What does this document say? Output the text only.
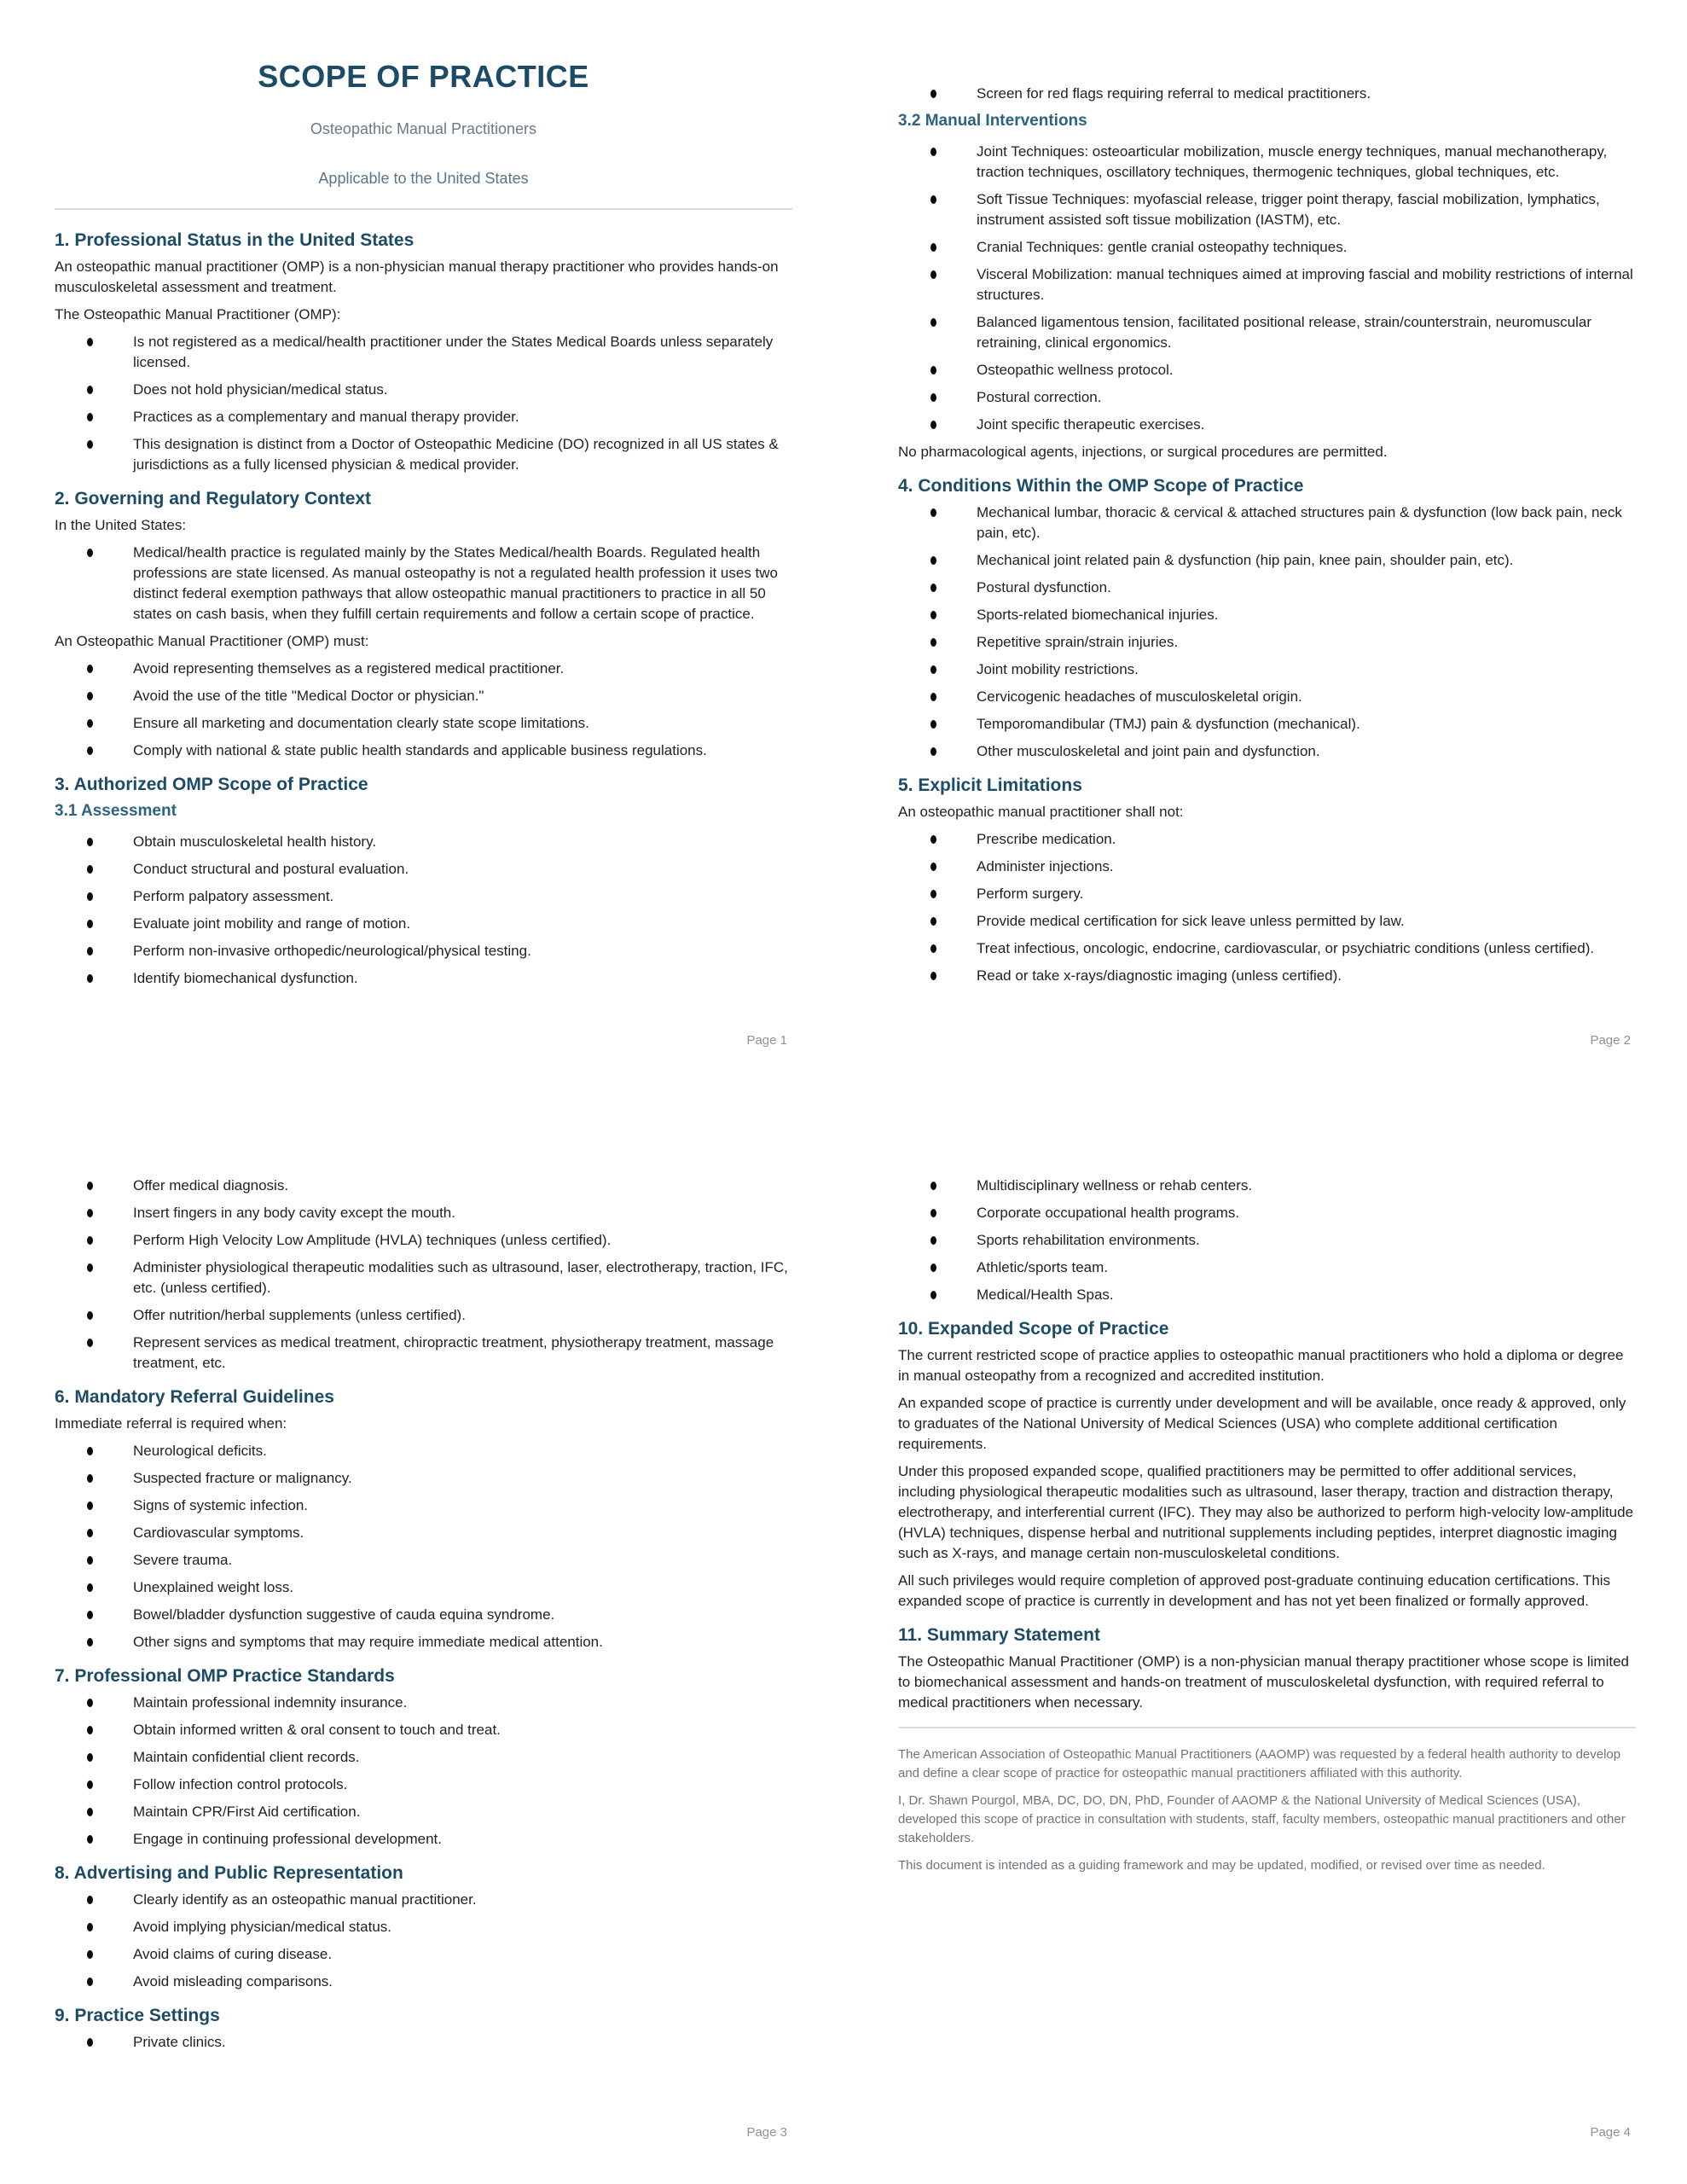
SCOPE OF PRACTICE
Osteopathic Manual Practitioners
Applicable to the United States
1. Professional Status in the United States

An osteopathic manual practitioner (OMP) is a non-physician manual therapy practitioner who provides hands-on musculoskeletal assessment and treatment.

The Osteopathic Manual Practitioner (OMP):

Is not registered as a medical/health practitioner under the States Medical Boards unless separately licensed.
Does not hold physician/medical status.
Practices as a complementary and manual therapy provider.
This designation is distinct from a Doctor of Osteopathic Medicine (DO) recognized in all US states & jurisdictions as a fully licensed physician & medical provider.
2. Governing and Regulatory Context

In the United States:

Medical/health practice is regulated mainly by the States Medical/health Boards. Regulated health professions are state licensed. As manual osteopathy is not a regulated health profession it uses two distinct federal exemption pathways that allow osteopathic manual practitioners to practice in all 50 states on cash basis, when they fulfill certain requirements and follow a certain scope of practice.

An Osteopathic Manual Practitioner (OMP) must:

Avoid representing themselves as a registered medical practitioner.
Avoid the use of the title "Medical Doctor or physician."
Ensure all marketing and documentation clearly state scope limitations.
Comply with national & state public health standards and applicable business regulations.
3. Authorized OMP Scope of Practice
3.1 Assessment
Obtain musculoskeletal health history.
Conduct structural and postural evaluation.
Perform palpatory assessment.
Evaluate joint mobility and range of motion.
Perform non-invasive orthopedic/neurological/physical testing.
Identify biomechanical dysfunction.
Page 1
Screen for red flags requiring referral to medical practitioners.
3.2 Manual Interventions
Joint Techniques: osteoarticular mobilization, muscle energy techniques, manual mechanotherapy, traction techniques, oscillatory techniques, thermogenic techniques, global techniques, etc.
Soft Tissue Techniques: myofascial release, trigger point therapy, fascial mobilization, lymphatics, instrument assisted soft tissue mobilization (IASTM), etc.
Cranial Techniques: gentle cranial osteopathy techniques.
Visceral Mobilization: manual techniques aimed at improving fascial and mobility restrictions of internal structures.
Balanced ligamentous tension, facilitated positional release, strain/counterstrain, neuromuscular retraining, clinical ergonomics.
Osteopathic wellness protocol.
Postural correction.
Joint specific therapeutic exercises.

No pharmacological agents, injections, or surgical procedures are permitted.

4. Conditions Within the OMP Scope of Practice
Mechanical lumbar, thoracic & cervical & attached structures pain & dysfunction (low back pain, neck pain, etc).
Mechanical joint related pain & dysfunction (hip pain, knee pain, shoulder pain, etc).
Postural dysfunction.
Sports-related biomechanical injuries.
Repetitive sprain/strain injuries.
Joint mobility restrictions.
Cervicogenic headaches of musculoskeletal origin.
Temporomandibular (TMJ) pain & dysfunction (mechanical).
Other musculoskeletal and joint pain and dysfunction.
5. Explicit Limitations

An osteopathic manual practitioner shall not:

Prescribe medication.
Administer injections.
Perform surgery.
Provide medical certification for sick leave unless permitted by law.
Treat infectious, oncologic, endocrine, cardiovascular, or psychiatric conditions (unless certified).
Read or take x-rays/diagnostic imaging (unless certified).
Page 2
Offer medical diagnosis.
Insert fingers in any body cavity except the mouth.
Perform High Velocity Low Amplitude (HVLA) techniques (unless certified).
Administer physiological therapeutic modalities such as ultrasound, laser, electrotherapy, traction, IFC, etc. (unless certified).
Offer nutrition/herbal supplements (unless certified).
Represent services as medical treatment, chiropractic treatment, physiotherapy treatment, massage treatment, etc.
6. Mandatory Referral Guidelines

Immediate referral is required when:

Neurological deficits.
Suspected fracture or malignancy.
Signs of systemic infection.
Cardiovascular symptoms.
Severe trauma.
Unexplained weight loss.
Bowel/bladder dysfunction suggestive of cauda equina syndrome.
Other signs and symptoms that may require immediate medical attention.
7. Professional OMP Practice Standards
Maintain professional indemnity insurance.
Obtain informed written & oral consent to touch and treat.
Maintain confidential client records.
Follow infection control protocols.
Maintain CPR/First Aid certification.
Engage in continuing professional development.
8. Advertising and Public Representation
Clearly identify as an osteopathic manual practitioner.
Avoid implying physician/medical status.
Avoid claims of curing disease.
Avoid misleading comparisons.
9. Practice Settings
Private clinics.
Page 3
Multidisciplinary wellness or rehab centers.
Corporate occupational health programs.
Sports rehabilitation environments.
Athletic/sports team.
Medical/Health Spas.
10. Expanded Scope of Practice

The current restricted scope of practice applies to osteopathic manual practitioners who hold a diploma or degree in manual osteopathy from a recognized and accredited institution.

An expanded scope of practice is currently under development and will be available, once ready & approved, only to graduates of the National University of Medical Sciences (USA) who complete additional certification requirements.

Under this proposed expanded scope, qualified practitioners may be permitted to offer additional services, including physiological therapeutic modalities such as ultrasound, laser therapy, traction and distraction therapy, electrotherapy, and interferential current (IFC). They may also be authorized to perform high-velocity low-amplitude (HVLA) techniques, dispense herbal and nutritional supplements including peptides, interpret diagnostic imaging such as X-rays, and manage certain non-musculoskeletal conditions.

All such privileges would require completion of approved post-graduate continuing education certifications. This expanded scope of practice is currently in development and has not yet been finalized or formally approved.

11. Summary Statement

The Osteopathic Manual Practitioner (OMP) is a non-physician manual therapy practitioner whose scope is limited to biomechanical assessment and hands-on treatment of musculoskeletal dysfunction, with required referral to medical practitioners when necessary.

The American Association of Osteopathic Manual Practitioners (AAOMP) was requested by a federal health authority to develop and define a clear scope of practice for osteopathic manual practitioners affiliated with this authority.

I, Dr. Shawn Pourgol, MBA, DC, DO, DN, PhD, Founder of AAOMP & the National University of Medical Sciences (USA), developed this scope of practice in consultation with students, staff, faculty members, osteopathic manual practitioners and other stakeholders.

This document is intended as a guiding framework and may be updated, modified, or revised over time as needed.

Page 4
